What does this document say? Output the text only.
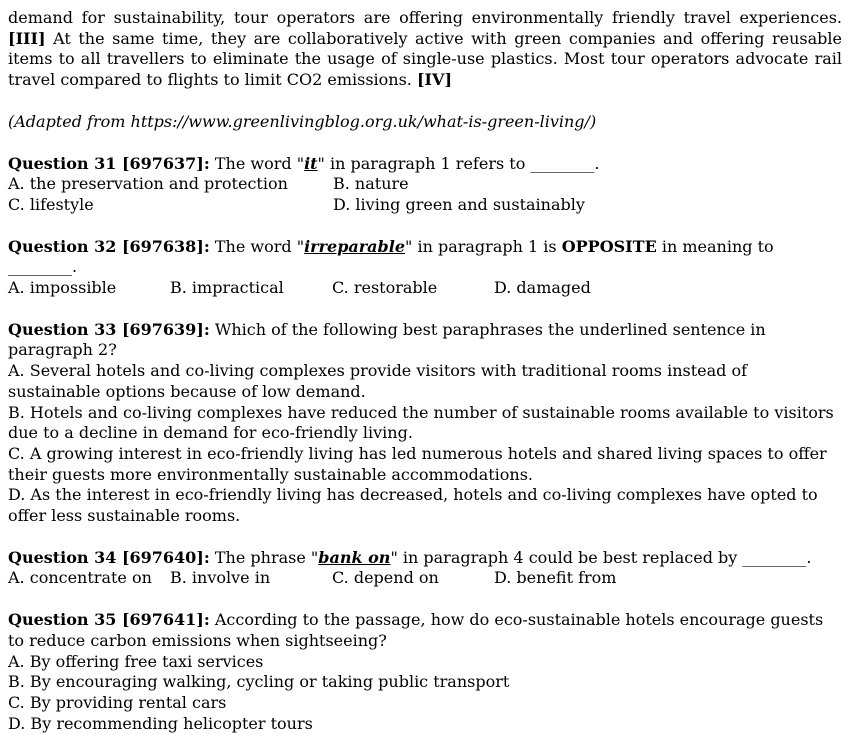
demand for sustainability, tour operators are offering environmentally friendly travel experiences. [III] At the same time, they are collaboratively active with green companies and offering reusable items to all travellers to eliminate the usage of single-use plastics. Most tour operators advocate rail travel compared to flights to limit CO2 emissions. [IV]

(Adapted from https://www.greenlivingblog.org.uk/what-is-green-living/)

Question 31 [697637]: The word "it" in paragraph 1 refers to ________.

A. the preservation and protection	B. nature
C. lifestyle	D. living green and sustainably

Question 32 [697638]: The word "irreparable" in paragraph 1 is OPPOSITE in meaning to ________.

A. impossible	B. impractical	C. restorable	D. damaged

Question 33 [697639]: Which of the following best paraphrases the underlined sentence in paragraph 2?

A. Several hotels and co-living complexes provide visitors with traditional rooms instead of sustainable options because of low demand.

B. Hotels and co-living complexes have reduced the number of sustainable rooms available to visitors due to a decline in demand for eco-friendly living.

C. A growing interest in eco-friendly living has led numerous hotels and shared living spaces to offer their guests more environmentally sustainable accommodations.

D. As the interest in eco-friendly living has decreased, hotels and co-living complexes have opted to offer less sustainable rooms.

Question 34 [697640]: The phrase "bank on" in paragraph 4 could be best replaced by ________.

A. concentrate on	B. involve in	C. depend on	D. benefit from

Question 35 [697641]: According to the passage, how do eco-sustainable hotels encourage guests to reduce carbon emissions when sightseeing?

A. By offering free taxi services

B. By encouraging walking, cycling or taking public transport

C. By providing rental cars

D. By recommending helicopter tours
